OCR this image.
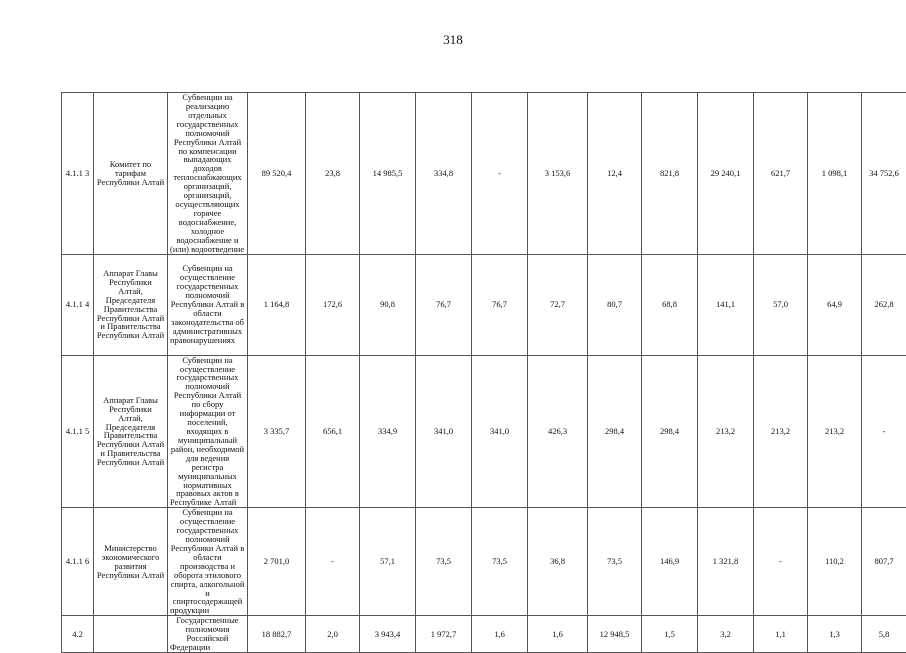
318
4.1.1 3	Комитет по тарифам Республики Алтай	Субвенции на реализацию отдельных государственных полномочий Республики Алтай по компенсации выпадающих доходов теплоснабжающих организаций, организаций, осуществляющих горячее водоснабжение, холодное водоснабжение и (или) водоотведение	89 520,4	23,8	14 985,5	334,8	-	3 153,6	12,4	821,8	29 240,1	621,7	1 098,1	34 752,6
4.1.1 4	Аппарат Главы Республики Алтай, Председателя Правительства Республики Алтай и Правительства Республики Алтай	Субвенции на осуществление государственных полномочий Республики Алтай в области законодательства об административных правонарушениях	1 164,8	172,6	90,8	76,7	76,7	72,7	80,7	68,8	141,1	57,0	64,9	262,8
4.1.1 5	Аппарат Главы Республики Алтай, Председателя Правительства Республики Алтай и Правительства Республики Алтай	Субвенции на осуществление государственных полномочий Республики Алтай по сбору информации от поселений, входящих в муниципальный район, необходимой для ведения регистра муниципальных нормативных правовых актов в Республике Алтай	3 335,7	656,1	334,9	341,0	341,0	426,3	298,4	298,4	213,2	213,2	213,2	-
4.1.1 6	Министерство экономического развития Республики Алтай	Субвенции на осуществление государственных полномочий Республики Алтай в области производства и оборота этилового спирта, алкогольной и спиртосодержащей продукции	2 701,0	-	57,1	73,5	73,5	36,8	73,5	146,9	1 321,8	-	110,2	807,7
4.2		Государственные полномочия Российской Федерации	18 882,7	2,0	3 943,4	1 972,7	1,6	1,6	12 948,5	1,5	3,2	1,1	1,3	5,8
